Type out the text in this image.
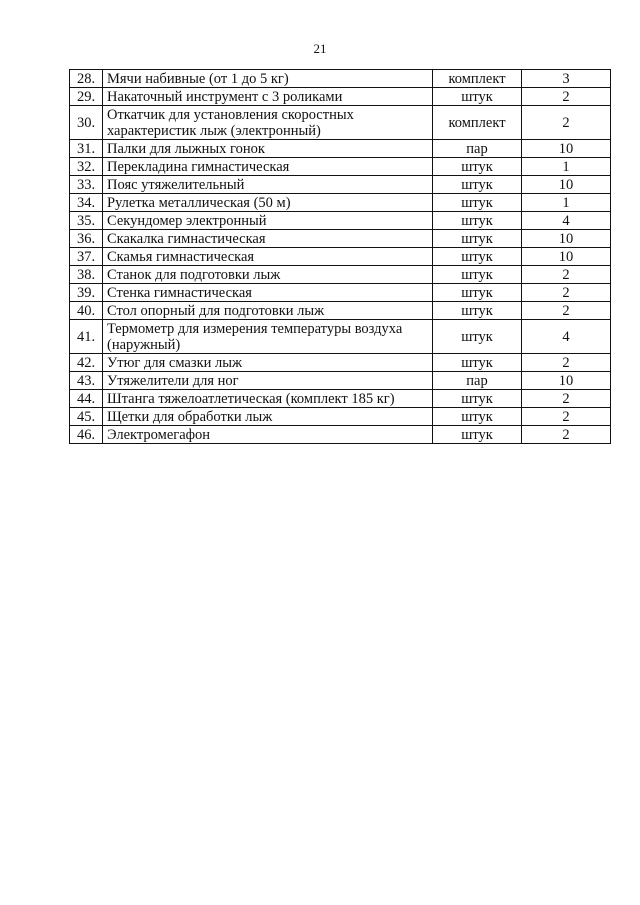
21
28.	Мячи набивные (от 1 до 5 кг)	комплект	3
29.	Накаточный инструмент с 3 роликами	штук	2
30.	Откатчик для установления скоростных характеристик лыж (электронный)	комплект	2
31.	Палки для лыжных гонок	пар	10
32.	Перекладина гимнастическая	штук	1
33.	Пояс утяжелительный	штук	10
34.	Рулетка металлическая (50 м)	штук	1
35.	Секундомер электронный	штук	4
36.	Скакалка гимнастическая	штук	10
37.	Скамья гимнастическая	штук	10
38.	Станок для подготовки лыж	штук	2
39.	Стенка гимнастическая	штук	2
40.	Стол опорный для подготовки лыж	штук	2
41.	Термометр для измерения температуры воздуха (наружный)	штук	4
42.	Утюг для смазки лыж	штук	2
43.	Утяжелители для ног	пар	10
44.	Штанга тяжелоатлетическая (комплект 185 кг)	штук	2
45.	Щетки для обработки лыж	штук	2
46.	Электромегафон	штук	2
